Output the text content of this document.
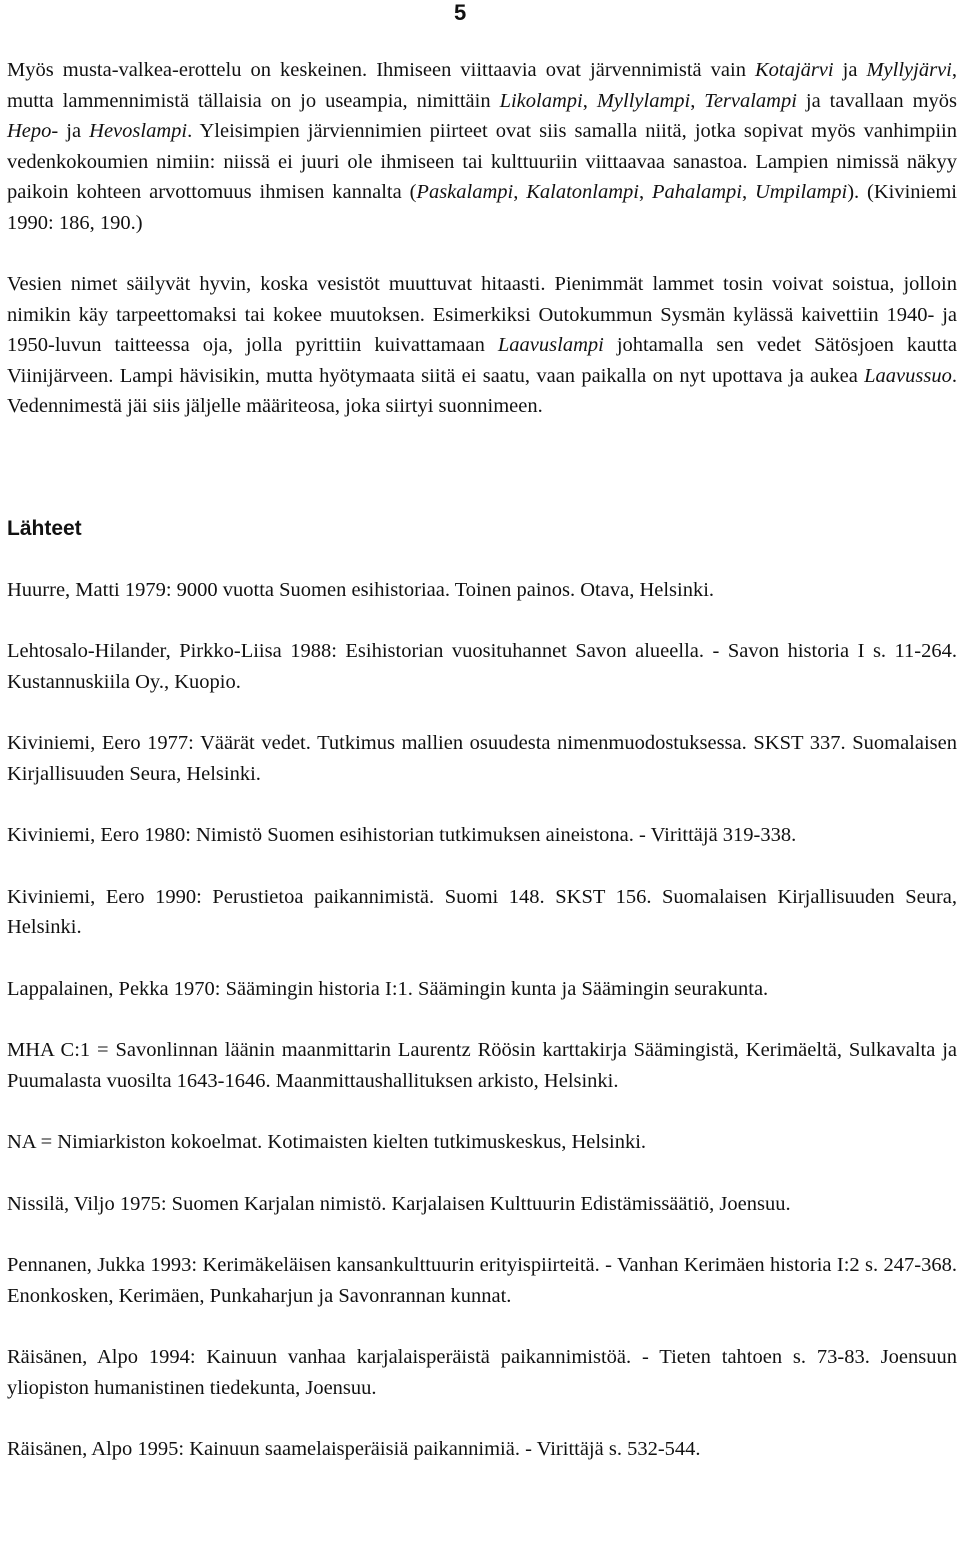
5

Myös musta-valkea-erottelu on keskeinen. Ihmiseen viittaavia ovat järvennimistä vain Kotajärvi ja Myllyjärvi, mutta lammennimistä tällaisia on jo useampia, nimittäin Likolampi, Myllylampi, Tervalampi ja tavallaan myös Hepo- ja Hevoslampi. Yleisimpien järviennimien piirteet ovat siis samalla niitä, jotka sopivat myös vanhimpiin vedenkokoumien nimiin: niissä ei juuri ole ihmiseen tai kulttuuriin viittaavaa sanastoa. Lampien nimissä näkyy paikoin kohteen arvottomuus ihmisen kannalta (Paskalampi, Kalatonlampi, Pahalampi, Umpilampi). (Kiviniemi 1990: 186, 190.)

Vesien nimet säilyvät hyvin, koska vesistöt muuttuvat hitaasti. Pienimmät lammet tosin voivat soistua, jolloin nimikin käy tarpeettomaksi tai kokee muutoksen. Esimerkiksi Outokummun Sysmän kylässä kaivettiin 1940- ja 1950-luvun taitteessa oja, jolla pyrittiin kuivattamaan Laavuslampi johtamalla sen vedet Sätösjoen kautta Viinijärveen. Lampi hävisikin, mutta hyötymaata siitä ei saatu, vaan paikalla on nyt upottava ja aukea Laavussuo. Vedennimestä jäi siis jäljelle määriteosa, joka siirtyi suonnimeen.

Lähteet

Huurre, Matti 1979: 9000 vuotta Suomen esihistoriaa. Toinen painos. Otava, Helsinki.

Lehtosalo-Hilander, Pirkko-Liisa 1988: Esihistorian vuosituhannet Savon alueella. - Savon historia I s. 11-264. Kustannuskiila Oy., Kuopio.

Kiviniemi, Eero 1977: Väärät vedet. Tutkimus mallien osuudesta nimenmuodostuksessa. SKST 337. Suomalaisen Kirjallisuuden Seura, Helsinki.

Kiviniemi, Eero 1980: Nimistö Suomen esihistorian tutkimuksen aineistona. - Virittäjä 319-338.

Kiviniemi, Eero 1990: Perustietoa paikannimistä. Suomi 148. SKST 156. Suomalaisen Kirjallisuuden Seura, Helsinki.

Lappalainen, Pekka 1970: Säämingin historia I:1. Säämingin kunta ja Säämingin seurakunta.

MHA C:1 = Savonlinnan läänin maanmittarin Laurentz Röösin karttakirja Säämingistä, Kerimäeltä, Sulkavalta ja Puumalasta vuosilta 1643-1646. Maanmittaushallituksen arkisto, Helsinki.

NA = Nimiarkiston kokoelmat. Kotimaisten kielten tutkimuskeskus, Helsinki.

Nissilä, Viljo 1975: Suomen Karjalan nimistö. Karjalaisen Kulttuurin Edistämissäätiö, Joensuu.

Pennanen, Jukka 1993: Kerimäkeläisen kansankulttuurin erityispiirteitä. - Vanhan Kerimäen historia I:2 s. 247-368. Enonkosken, Kerimäen, Punkaharjun ja Savonrannan kunnat.

Räisänen, Alpo 1994: Kainuun vanhaa karjalaisperäistä paikannimistöä. - Tieten tahtoen s. 73-83. Joensuun yliopiston humanistinen tiedekunta, Joensuu.

Räisänen, Alpo 1995: Kainuun saamelaisperäisiä paikannimiä. - Virittäjä s. 532-544.
